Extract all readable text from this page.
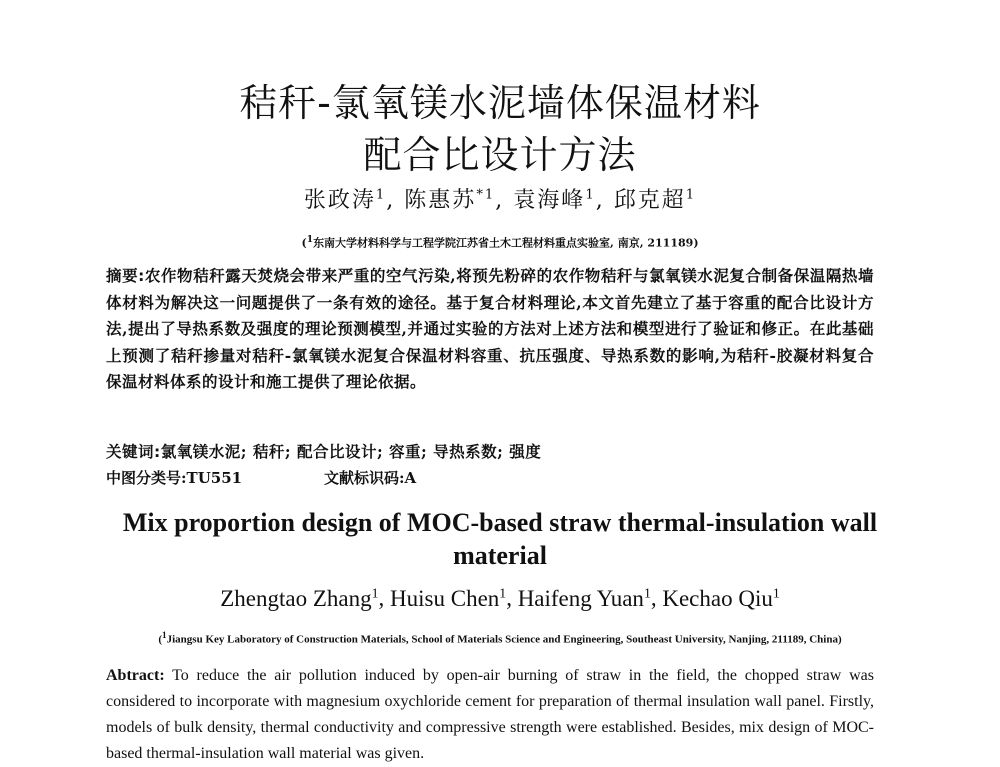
秸秆-氯氧镁水泥墙体保温材料
配合比设计方法
张政涛$^1$, 陈惠苏$^{*1}$, 袁海峰$^1$, 邱克超$^1$
($^1$东南大学材料科学与工程学院江苏省土木工程材料重点实验室, 南京, 211189)
摘要:农作物秸秆露天焚烧会带来严重的空气污染,将预先粉碎的农作物秸秆与氯氧镁水泥复合制备保温隔热墙体材料为解决这一问题提供了一条有效的途径。基于复合材料理论,本文首先建立了基于容重的配合比设计方法,提出了导热系数及强度的理论预测模型,并通过实验的方法对上述方法和模型进行了验证和修正。在此基础上预测了秸秆掺量对秸秆-氯氧镁水泥复合保温材料容重、抗压强度、导热系数的影响,为秸秆-胶凝材料复合保温材料体系的设计和施工提供了理论依据。
关键词:氯氧镁水泥; 秸秆; 配合比设计; 容重; 导热系数; 强度
中图分类号:TU551	文献标识码:A
Mix proportion design of MOC-based straw thermal-insulation wall
material
Zhengtao Zhang$^1$, Huisu Chen$^1$, Haifeng Yuan$^1$, Kechao Qiu$^1$
($^1$Jiangsu Key Laboratory of Construction Materials, School of Materials Science and Engineering, Southeast University, Nanjing, 211189, China)
Abtract: To reduce the air pollution induced by open-air burning of straw in the field, the chopped straw was considered to incorporate with magnesium oxychloride cement for preparation of thermal insulation wall panel. Firstly, models of bulk density, thermal conductivity and compressive strength were established. Besides, mix design of MOC-based thermal-insulation wall material was given.
